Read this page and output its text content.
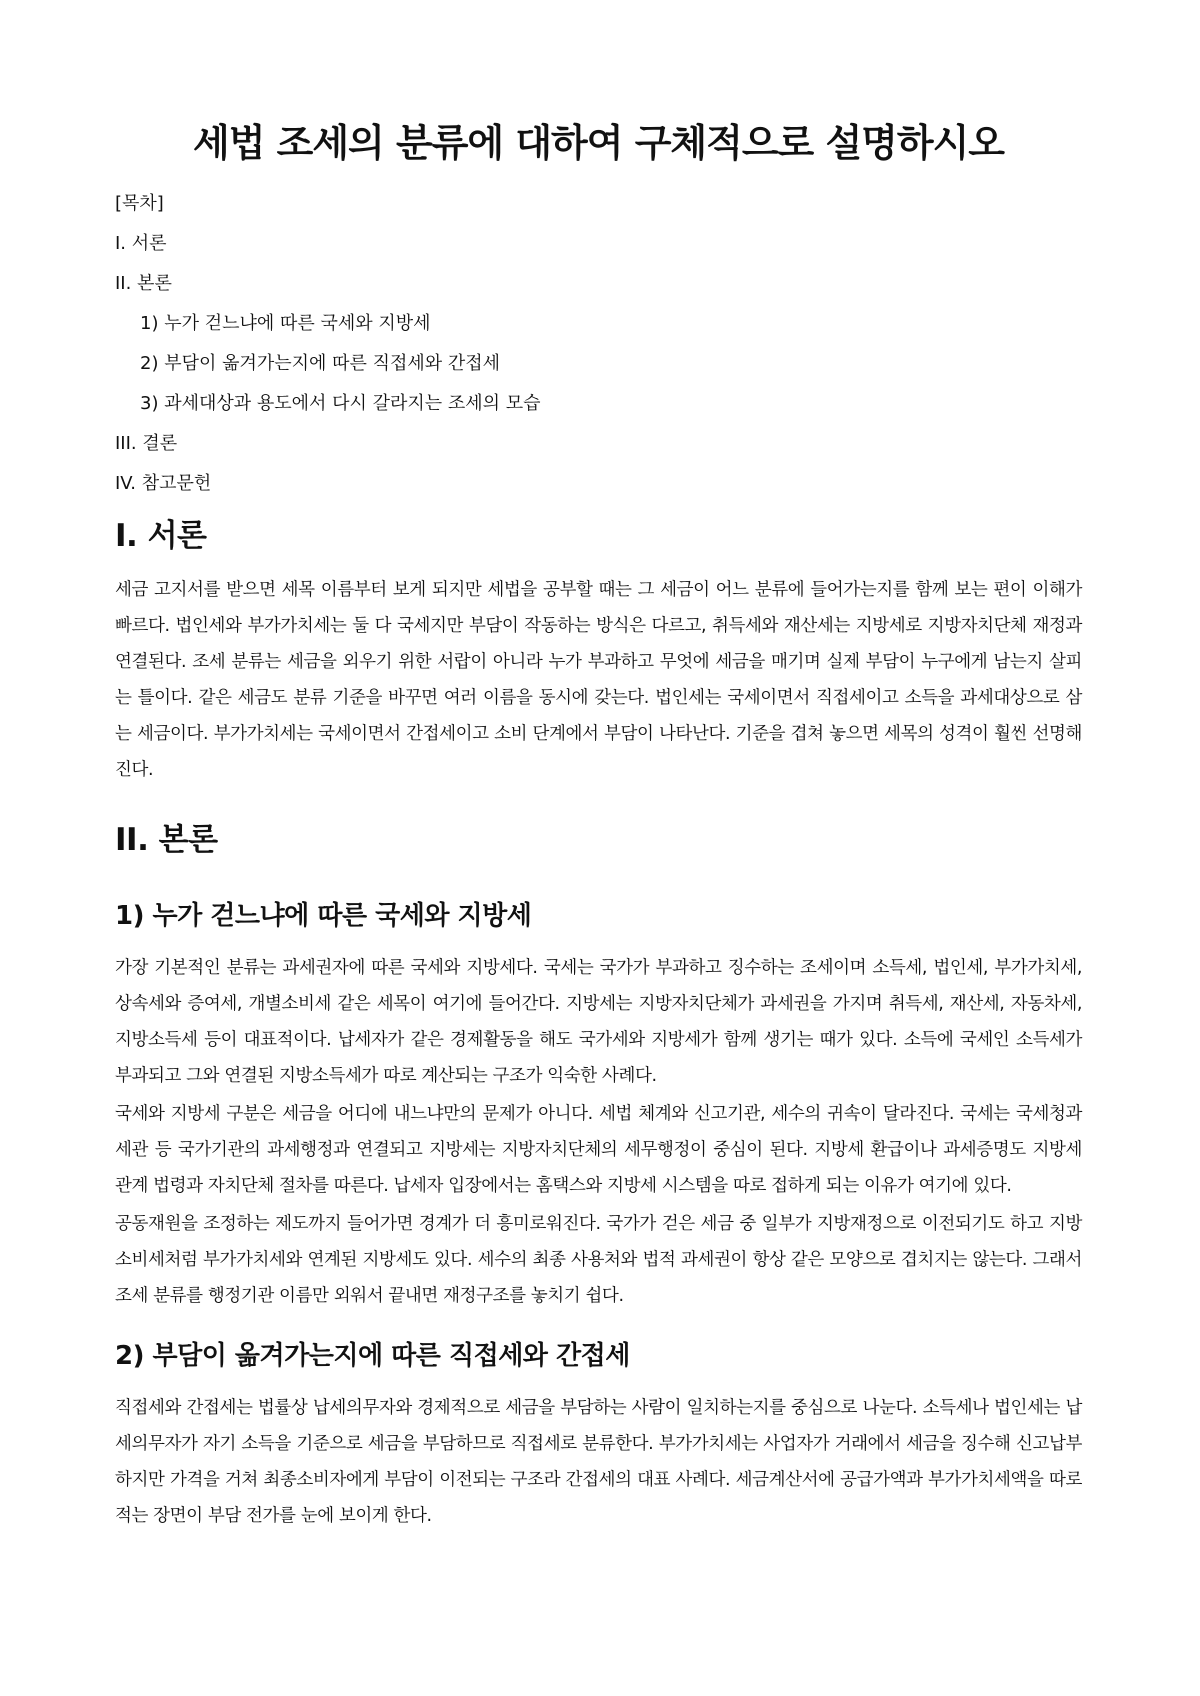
세법 조세의 분류에 대하여 구체적으로 설명하시오
[목차]
I. 서론
II. 본론
1) 누가 걷느냐에 따른 국세와 지방세
2) 부담이 옮겨가는지에 따른 직접세와 간접세
3) 과세대상과 용도에서 다시 갈라지는 조세의 모습
III. 결론
IV. 참고문헌
I. 서론

세금 고지서를 받으면 세목 이름부터 보게 되지만 세법을 공부할 때는 그 세금이 어느 분류에 들어가는지를 함께 보는 편이 이해가 빠르다. 법인세와 부가가치세는 둘 다 국세지만 부담이 작동하는 방식은 다르고, 취득세와 재산세는 지방세로 지방자치단체 재정과 연결된다. 조세 분류는 세금을 외우기 위한 서랍이 아니라 누가 부과하고 무엇에 세금을 매기며 실제 부담이 누구에게 남는지 살피는 틀이다. 같은 세금도 분류 기준을 바꾸면 여러 이름을 동시에 갖는다. 법인세는 국세이면서 직접세이고 소득을 과세대상으로 삼는 세금이다. 부가가치세는 국세이면서 간접세이고 소비 단계에서 부담이 나타난다. 기준을 겹쳐 놓으면 세목의 성격이 훨씬 선명해진다.

II. 본론
1) 누가 걷느냐에 따른 국세와 지방세

가장 기본적인 분류는 과세권자에 따른 국세와 지방세다. 국세는 국가가 부과하고 징수하는 조세이며 소득세, 법인세, 부가가치세, 상속세와 증여세, 개별소비세 같은 세목이 여기에 들어간다. 지방세는 지방자치단체가 과세권을 가지며 취득세, 재산세, 자동차세, 지방소득세 등이 대표적이다. 납세자가 같은 경제활동을 해도 국가세와 지방세가 함께 생기는 때가 있다. 소득에 국세인 소득세가 부과되고 그와 연결된 지방소득세가 따로 계산되는 구조가 익숙한 사례다.

국세와 지방세 구분은 세금을 어디에 내느냐만의 문제가 아니다. 세법 체계와 신고기관, 세수의 귀속이 달라진다. 국세는 국세청과 세관 등 국가기관의 과세행정과 연결되고 지방세는 지방자치단체의 세무행정이 중심이 된다. 지방세 환급이나 과세증명도 지방세 관계 법령과 자치단체 절차를 따른다. 납세자 입장에서는 홈택스와 지방세 시스템을 따로 접하게 되는 이유가 여기에 있다.

공동재원을 조정하는 제도까지 들어가면 경계가 더 흥미로워진다. 국가가 걷은 세금 중 일부가 지방재정으로 이전되기도 하고 지방소비세처럼 부가가치세와 연계된 지방세도 있다. 세수의 최종 사용처와 법적 과세권이 항상 같은 모양으로 겹치지는 않는다. 그래서 조세 분류를 행정기관 이름만 외워서 끝내면 재정구조를 놓치기 쉽다.

2) 부담이 옮겨가는지에 따른 직접세와 간접세

직접세와 간접세는 법률상 납세의무자와 경제적으로 세금을 부담하는 사람이 일치하는지를 중심으로 나눈다. 소득세나 법인세는 납세의무자가 자기 소득을 기준으로 세금을 부담하므로 직접세로 분류한다. 부가가치세는 사업자가 거래에서 세금을 징수해 신고납부하지만 가격을 거쳐 최종소비자에게 부담이 이전되는 구조라 간접세의 대표 사례다. 세금계산서에 공급가액과 부가가치세액을 따로 적는 장면이 부담 전가를 눈에 보이게 한다.
